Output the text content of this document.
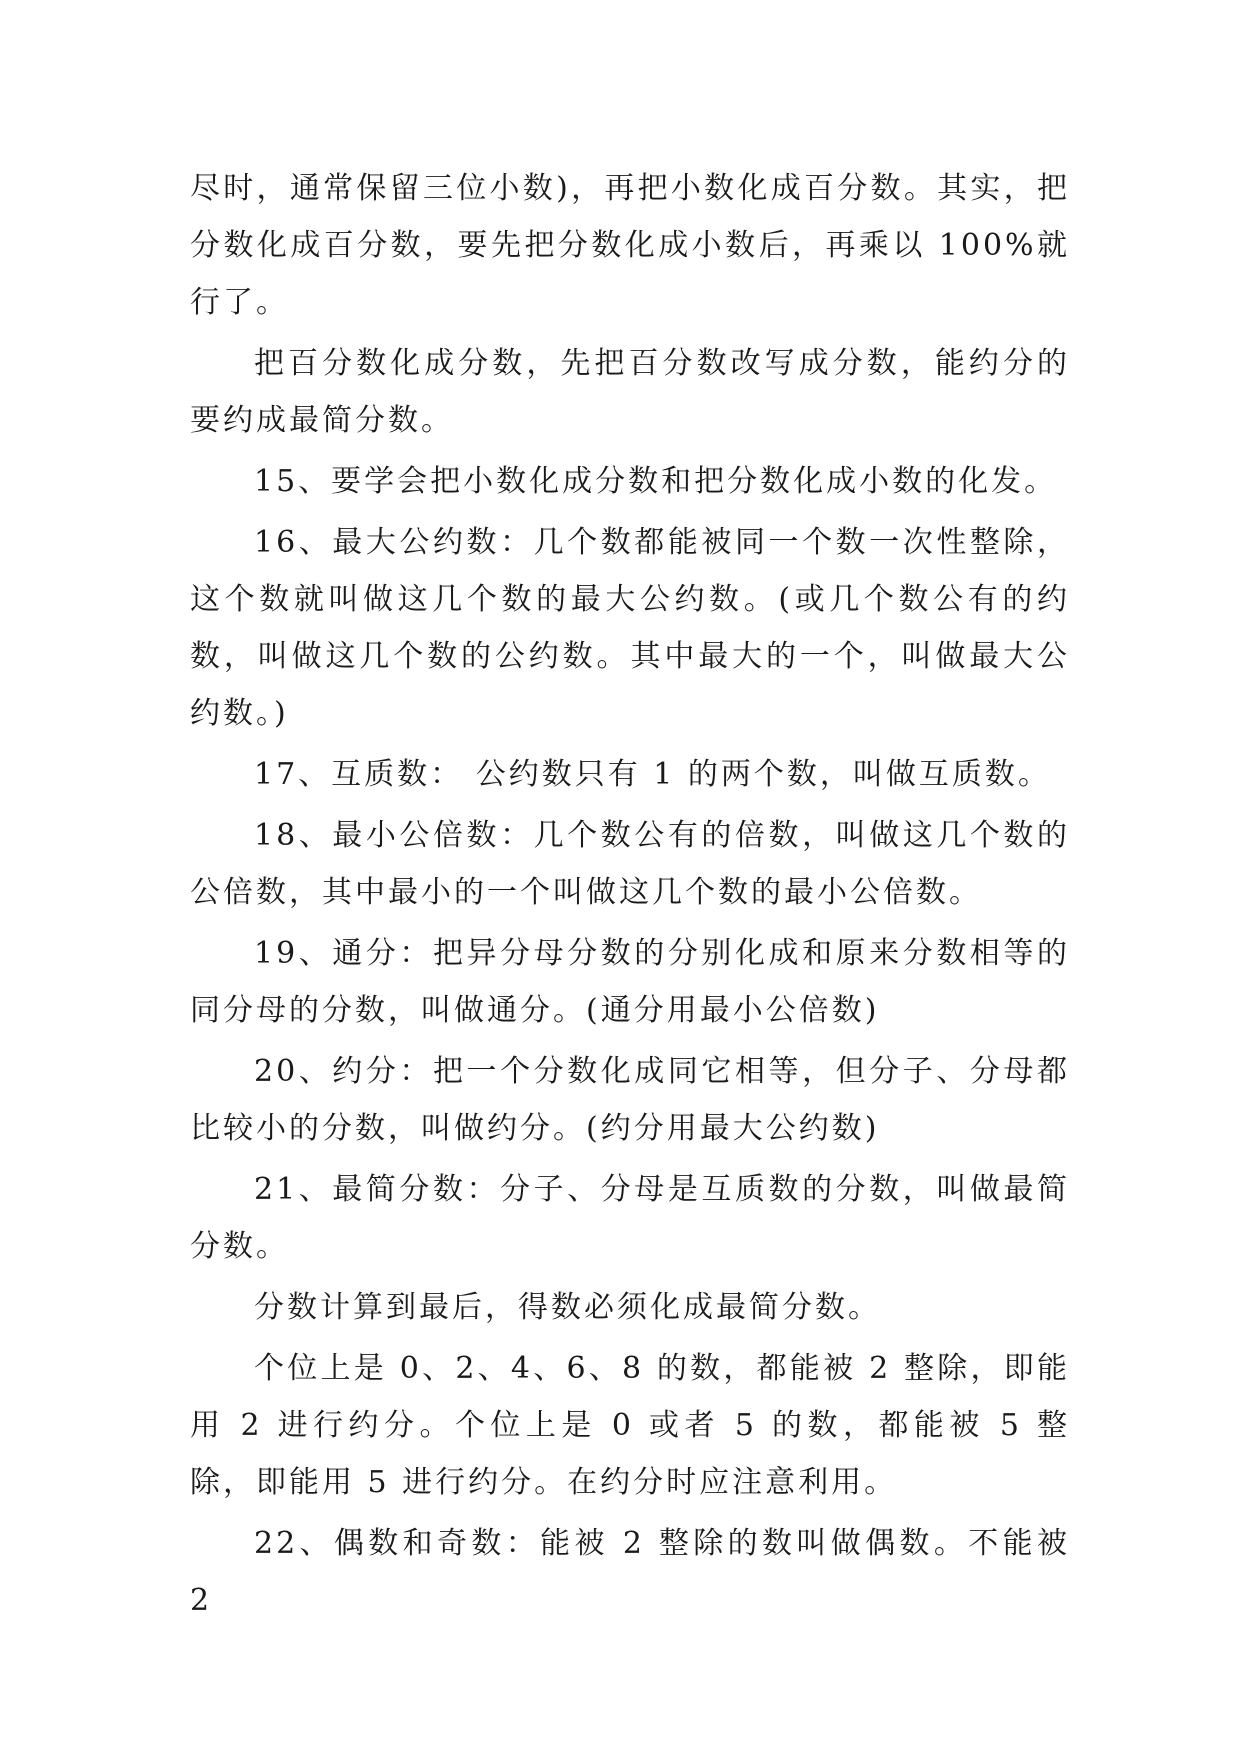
尽时，通常保留三位小数)，再把小数化成百分数。其实，把分数化成百分数，要先把分数化成小数后，再乘以 100%就行了。

把百分数化成分数，先把百分数改写成分数，能约分的要约成最简分数。

15、要学会把小数化成分数和把分数化成小数的化发。

16、最大公约数：几个数都能被同一个数一次性整除，这个数就叫做这几个数的最大公约数。(或几个数公有的约数，叫做这几个数的公约数。其中最大的一个，叫做最大公约数。)

17、互质数： 公约数只有 1 的两个数，叫做互质数。

18、最小公倍数：几个数公有的倍数，叫做这几个数的公倍数，其中最小的一个叫做这几个数的最小公倍数。

19、通分：把异分母分数的分别化成和原来分数相等的同分母的分数，叫做通分。(通分用最小公倍数)

20、约分：把一个分数化成同它相等，但分子、分母都比较小的分数，叫做约分。(约分用最大公约数)

21、最简分数：分子、分母是互质数的分数，叫做最简分数。

分数计算到最后，得数必须化成最简分数。

个位上是 0、2、4、6、8 的数，都能被 2 整除，即能用 2 进行约分。个位上是 0 或者 5 的数，都能被 5 整除，即能用 5 进行约分。在约分时应注意利用。

22、偶数和奇数：能被 2 整除的数叫做偶数。不能被 2
